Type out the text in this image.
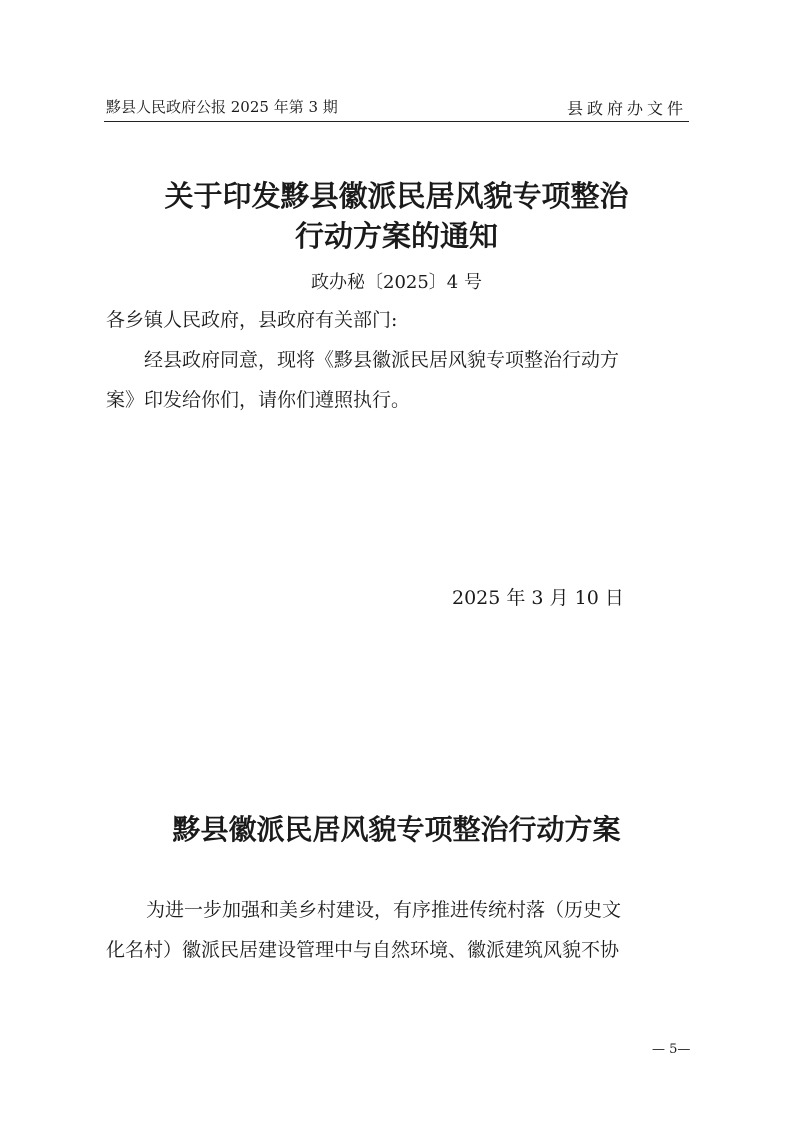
黟县人民政府公报 2025 年第 3 期	县政府办文件
关于印发黟县徽派民居风貌专项整治
行动方案的通知
政办秘〔2025〕4 号
各乡镇人民政府，县政府有关部门:
经县政府同意，现将《黟县徽派民居风貌专项整治行动方
案》印发给你们，请你们遵照执行。
2025 年 3 月 10 日
黟县徽派民居风貌专项整治行动方案
为进一步加强和美乡村建设，有序推进传统村落（历史文
化名村）徽派民居建设管理中与自然环境、徽派建筑风貌不协
— 5—
